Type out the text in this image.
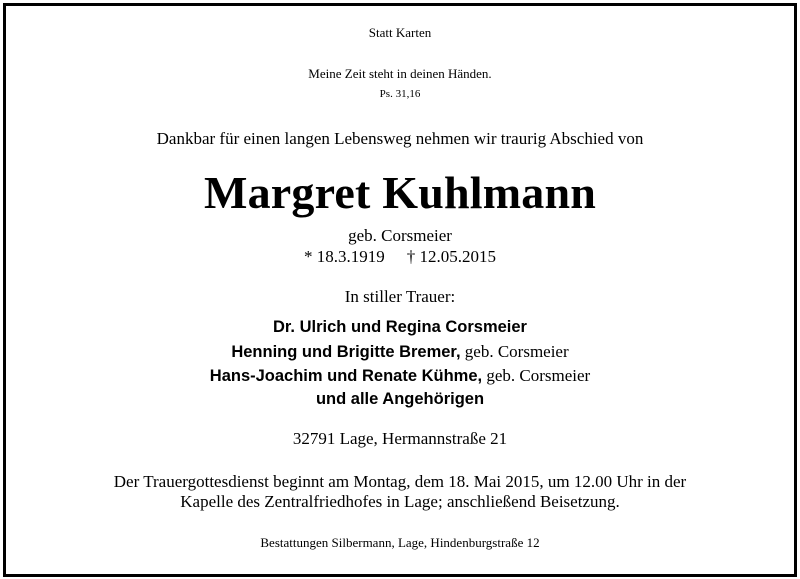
Statt Karten
Meine Zeit steht in deinen Händen.
Ps. 31,16
Dankbar für einen langen Lebensweg nehmen wir traurig Abschied von
Margret Kuhlmann
geb. Corsmeier
* 18.3.1919 † 12.05.2015
In stiller Trauer:
Dr. Ulrich und Regina Corsmeier
Henning und Brigitte Bremer, geb. Corsmeier
Hans-Joachim und Renate Kühme, geb. Corsmeier
und alle Angehörigen
32791 Lage, Hermannstraße 21
Der Trauergottesdienst beginnt am Montag, dem 18. Mai 2015, um 12.00 Uhr in der
Kapelle des Zentralfriedhofes in Lage; anschließend Beisetzung.
Bestattungen Silbermann, Lage, Hindenburgstraße 12
